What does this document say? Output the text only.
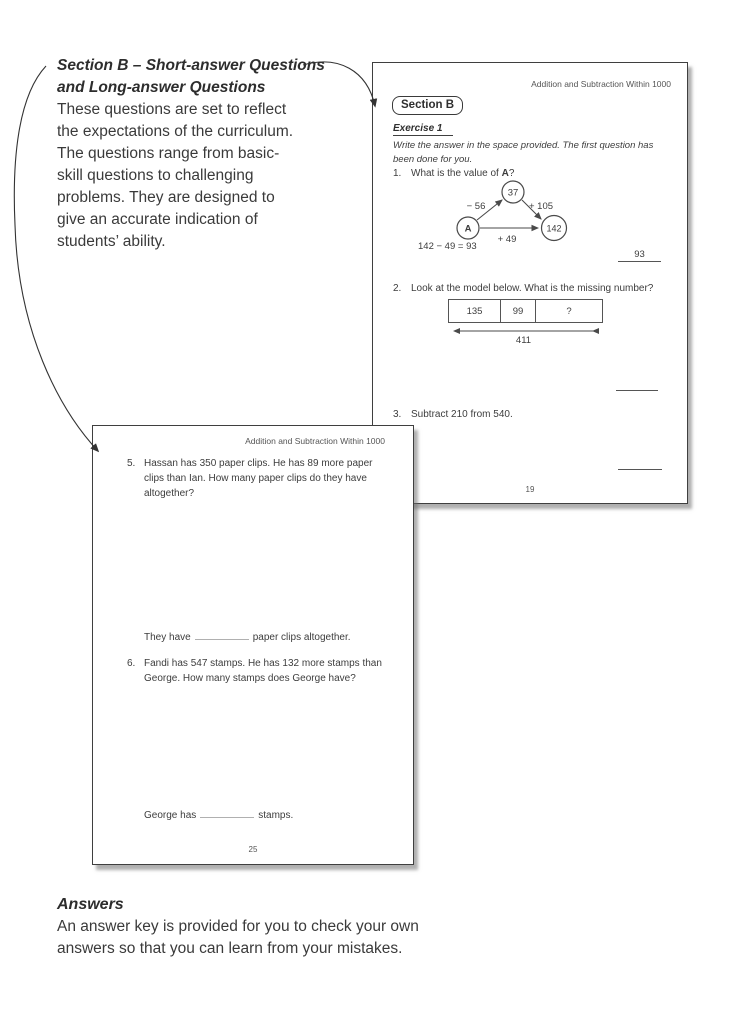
Section B – Short-answer Questions
and Long-answer Questions
These questions are set to reflect
the expectations of the curriculum.
The questions range from basic-
skill questions to challenging
problems. They are designed to
give an accurate indication of
students’ ability.
Addition and Subtraction Within 1000
Section B
Exercise 1
Write the answer in the space provided. The first question has
been done for you.
1. What is the value of A?
37
A	142
− 56	+ 105
+ 49
142 − 49 = 93
93
2. Look at the model below. What is the missing number?
135	99	?
411
3. Subtract 210 from 540.
19
Addition and Subtraction Within 1000
5. Hassan has 350 paper clips. He has 89 more paper
clips than Ian. How many paper clips do they have
altogether?
They have	paper clips altogether.
6. Fandi has 547 stamps. He has 132 more stamps than
George. How many stamps does George have?
George has	stamps.
25
Answers
An answer key is provided for you to check your own
answers so that you can learn from your mistakes.
